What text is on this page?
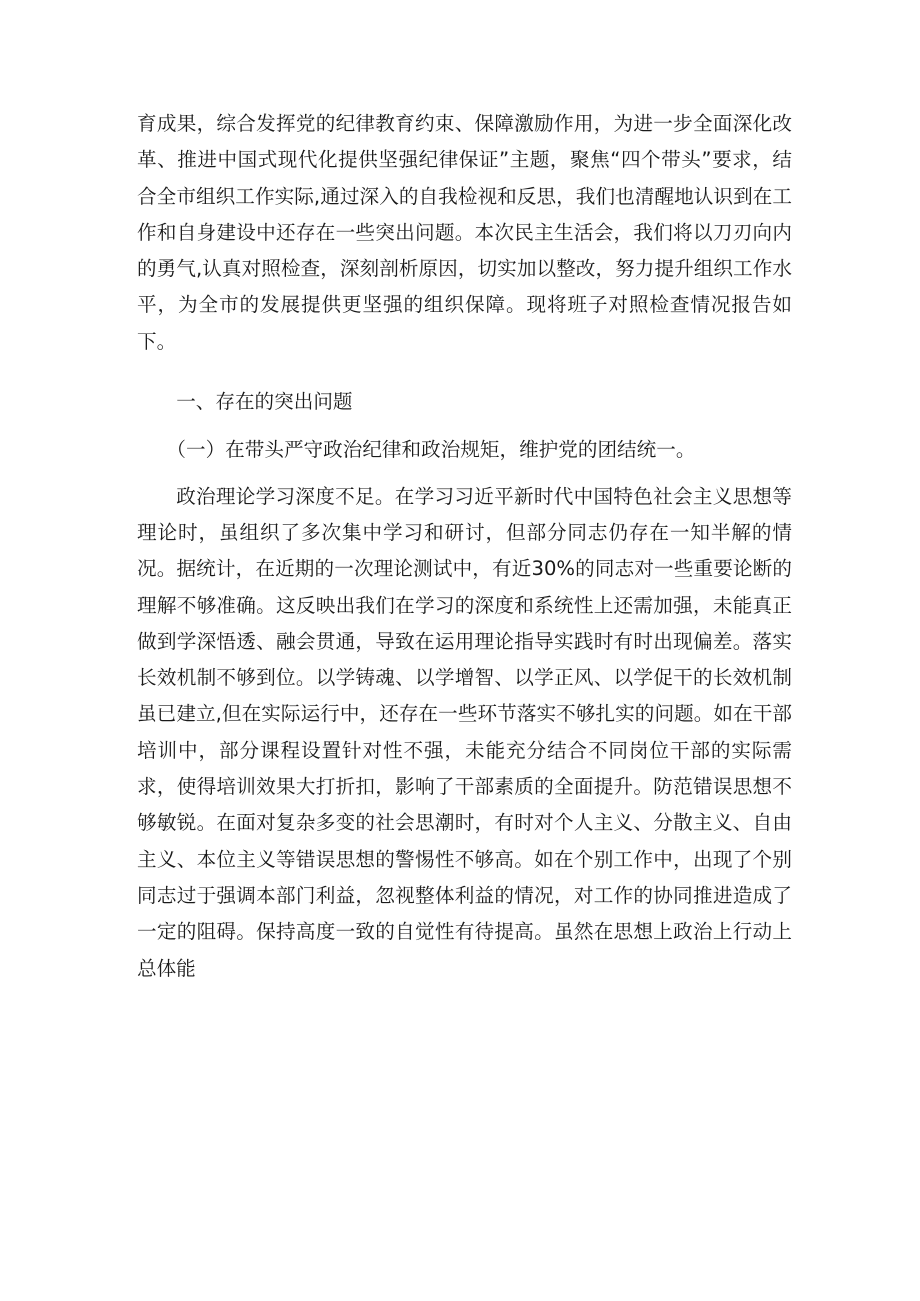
育成果，综合发挥党的纪律教育约束、保障激励作用，为进一步全面深化改革、推进中国式现代化提供坚强纪律保证”主题，聚焦“四个带头”要求，结合全市组织工作实际,通过深入的自我检视和反思，我们也清醒地认识到在工作和自身建设中还存在一些突出问题。本次民主生活会，我们将以刀刃向内的勇气,认真对照检查，深刻剖析原因，切实加以整改，努力提升组织工作水平，为全市的发展提供更坚强的组织保障。现将班子对照检查情况报告如下。

一、存在的突出问题

（一）在带头严守政治纪律和政治规矩，维护党的团结统一。

政治理论学习深度不足。在学习习近平新时代中国特色社会主义思想等理论时，虽组织了多次集中学习和研讨，但部分同志仍存在一知半解的情况。据统计，在近期的一次理论测试中，有近30%的同志对一些重要论断的理解不够准确。这反映出我们在学习的深度和系统性上还需加强，未能真正做到学深悟透、融会贯通，导致在运用理论指导实践时有时出现偏差。落实长效机制不够到位。以学铸魂、以学增智、以学正风、以学促干的长效机制虽已建立,但在实际运行中，还存在一些环节落实不够扎实的问题。如在干部培训中，部分课程设置针对性不强，未能充分结合不同岗位干部的实际需求，使得培训效果大打折扣，影响了干部素质的全面提升。防范错误思想不够敏锐。在面对复杂多变的社会思潮时，有时对个人主义、分散主义、自由主义、本位主义等错误思想的警惕性不够高。如在个别工作中，出现了个别同志过于强调本部门利益，忽视整体利益的情况，对工作的协同推进造成了一定的阻碍。保持高度一致的自觉性有待提高。虽然在思想上政治上行动上总体能
